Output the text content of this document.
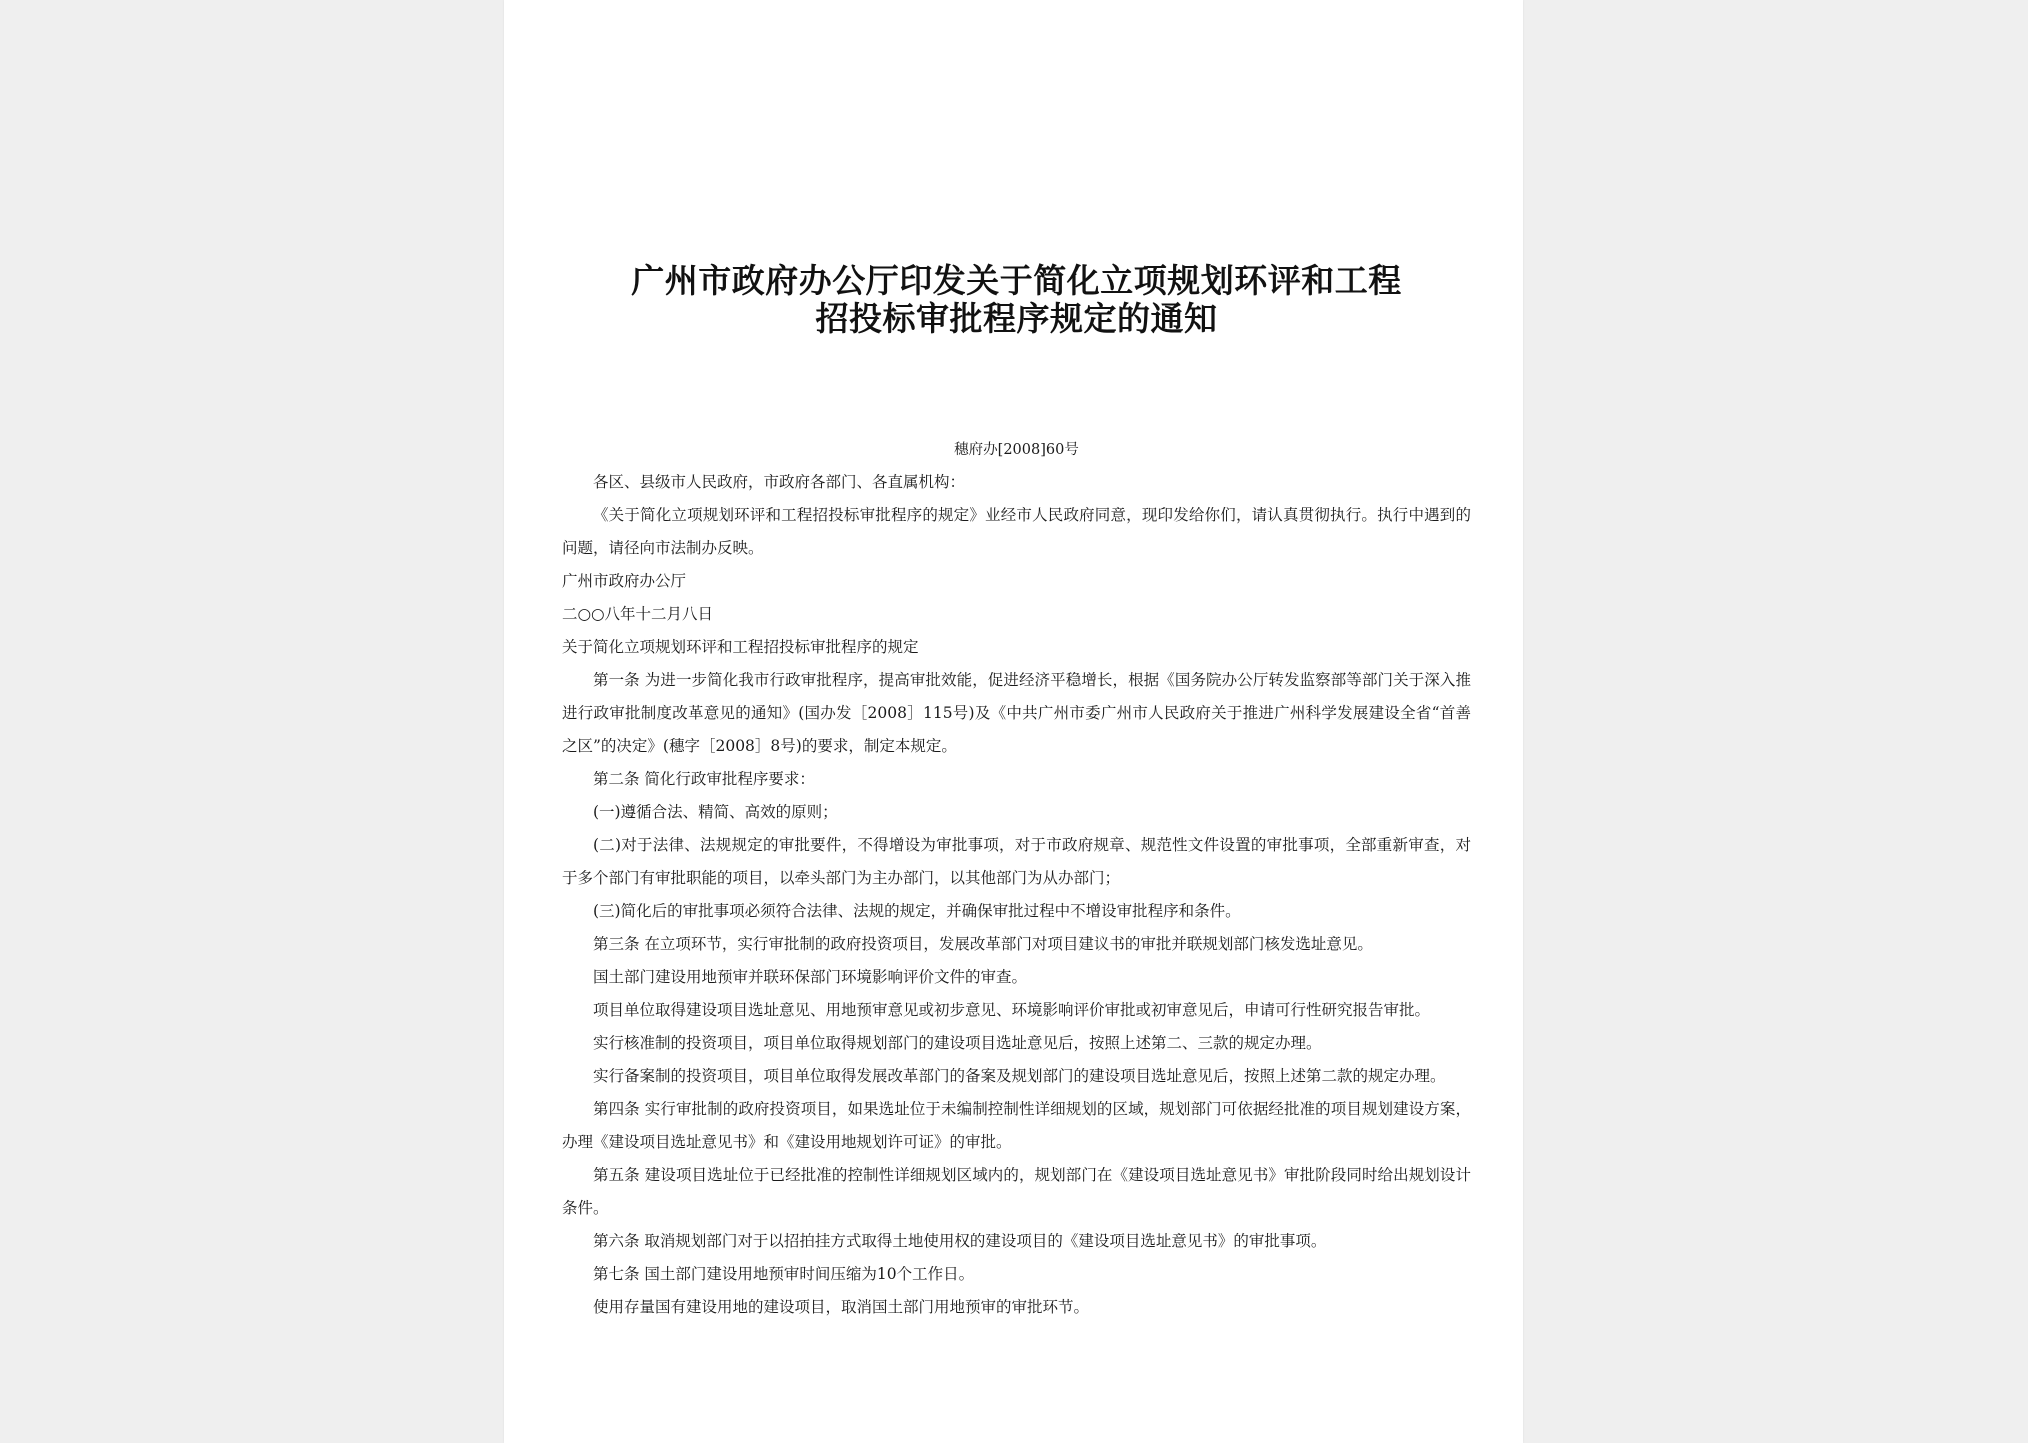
广州市政府办公厅印发关于简化立项规划环评和工程
招投标审批程序规定的通知
穗府办[2008]60号
各区、县级市人民政府，市政府各部门、各直属机构：
《关于简化立项规划环评和工程招投标审批程序的规定》业经市人民政府同意，现印发给你们，请认真贯彻执行。执行中遇到的问题，请径向市法制办反映。
广州市政府办公厅
二○○八年十二月八日
关于简化立项规划环评和工程招投标审批程序的规定
第一条 为进一步简化我市行政审批程序，提高审批效能，促进经济平稳增长，根据《国务院办公厅转发监察部等部门关于深入推进行政审批制度改革意见的通知》(国办发［2008］115号)及《中共广州市委广州市人民政府关于推进广州科学发展建设全省“首善之区”的决定》(穗字［2008］8号)的要求，制定本规定。
第二条 简化行政审批程序要求：
(一)遵循合法、精简、高效的原则；
(二)对于法律、法规规定的审批要件，不得增设为审批事项，对于市政府规章、规范性文件设置的审批事项，全部重新审查，对于多个部门有审批职能的项目，以牵头部门为主办部门，以其他部门为从办部门；
(三)简化后的审批事项必须符合法律、法规的规定，并确保审批过程中不增设审批程序和条件。
第三条 在立项环节，实行审批制的政府投资项目，发展改革部门对项目建议书的审批并联规划部门核发选址意见。
国土部门建设用地预审并联环保部门环境影响评价文件的审查。
项目单位取得建设项目选址意见、用地预审意见或初步意见、环境影响评价审批或初审意见后，申请可行性研究报告审批。
实行核准制的投资项目，项目单位取得规划部门的建设项目选址意见后，按照上述第二、三款的规定办理。
实行备案制的投资项目，项目单位取得发展改革部门的备案及规划部门的建设项目选址意见后，按照上述第二款的规定办理。
第四条 实行审批制的政府投资项目，如果选址位于未编制控制性详细规划的区域，规划部门可依据经批准的项目规划建设方案，办理《建设项目选址意见书》和《建设用地规划许可证》的审批。
第五条 建设项目选址位于已经批准的控制性详细规划区域内的，规划部门在《建设项目选址意见书》审批阶段同时给出规划设计条件。
第六条 取消规划部门对于以招拍挂方式取得土地使用权的建设项目的《建设项目选址意见书》的审批事项。
第七条 国土部门建设用地预审时间压缩为10个工作日。
使用存量国有建设用地的建设项目，取消国土部门用地预审的审批环节。
